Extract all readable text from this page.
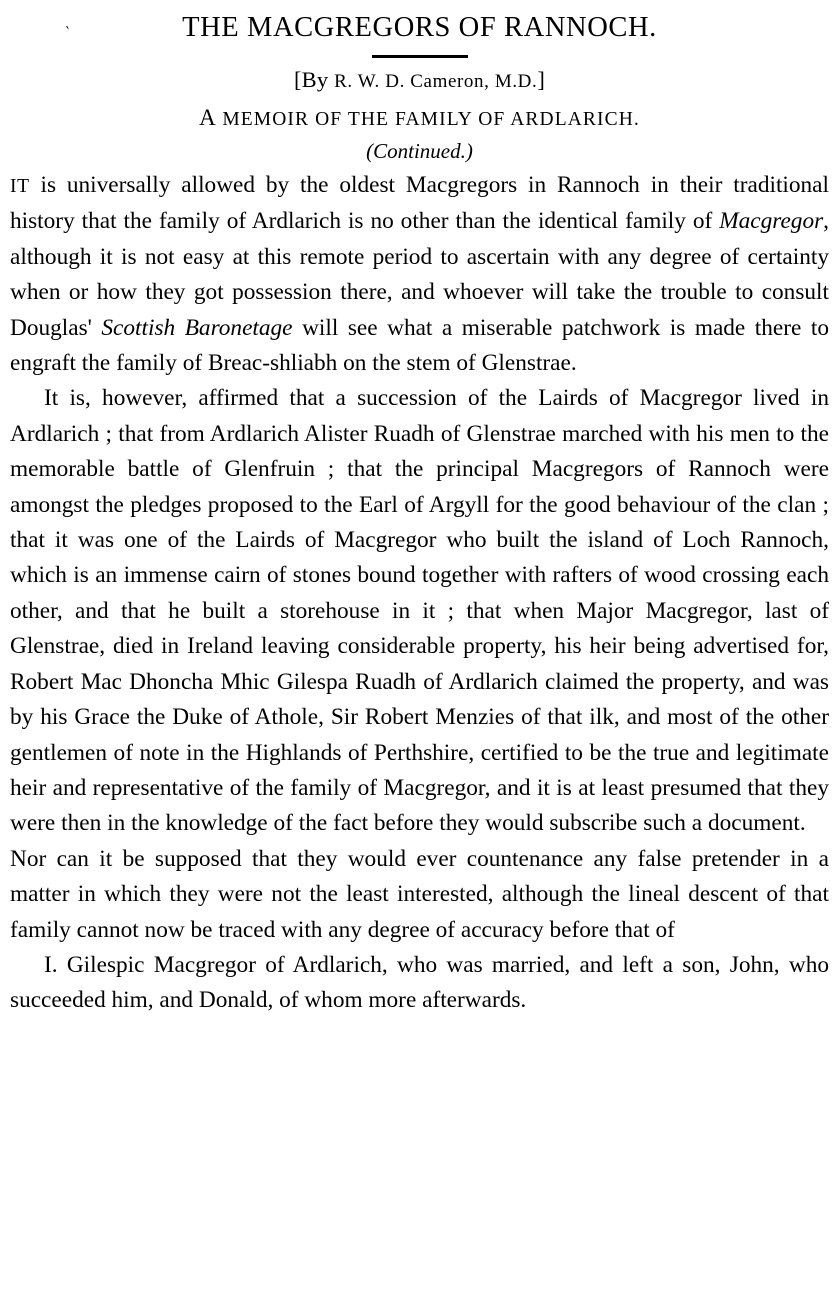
`	THE MACGREGORS OF RANNOCH.
[By R. W. D. Cameron, M.D.]
A MEMOIR OF THE FAMILY OF ARDLARICH.
(Continued.)

IT is universally allowed by the oldest Macgregors in Rannoch in their traditional history that the family of Ardlarich is no other than the identical family of Macgregor, although it is not easy at this remote period to ascertain with any degree of certainty when or how they got possession there, and whoever will take the trouble to consult Douglas' Scottish Baronetage will see what a miserable patchwork is made there to engraft the family of Breac-shliabh on the stem of Glenstrae.

It is, however, affirmed that a succession of the Lairds of Macgregor lived in Ardlarich ; that from Ardlarich Alister Ruadh of Glenstrae marched with his men to the memorable battle of Glenfruin ; that the principal Macgregors of Rannoch were amongst the pledges proposed to the Earl of Argyll for the good behaviour of the clan ; that it was one of the Lairds of Macgregor who built the island of Loch Rannoch, which is an immense cairn of stones bound together with rafters of wood crossing each other, and that he built a storehouse in it ; that when Major Macgregor, last of Glenstrae, died in Ireland leaving considerable property, his heir being advertised for, Robert Mac Dhoncha Mhic Gilespa Ruadh of Ardlarich claimed the property, and was by his Grace the Duke of Athole, Sir Robert Menzies of that ilk, and most of the other gentlemen of note in the Highlands of Perthshire, certified to be the true and legitimate heir and representative of the family of Macgregor, and it is at least presumed that they were then in the knowledge of the fact before they would subscribe such a document. Nor can it be supposed that they would ever countenance any false pretender in a matter in which they were not the least interested, although the lineal descent of that family cannot now be traced with any degree of accuracy before that of

I. Gilespic Macgregor of Ardlarich, who was married, and left a son, John, who succeeded him, and Donald, of whom more afterwards.
